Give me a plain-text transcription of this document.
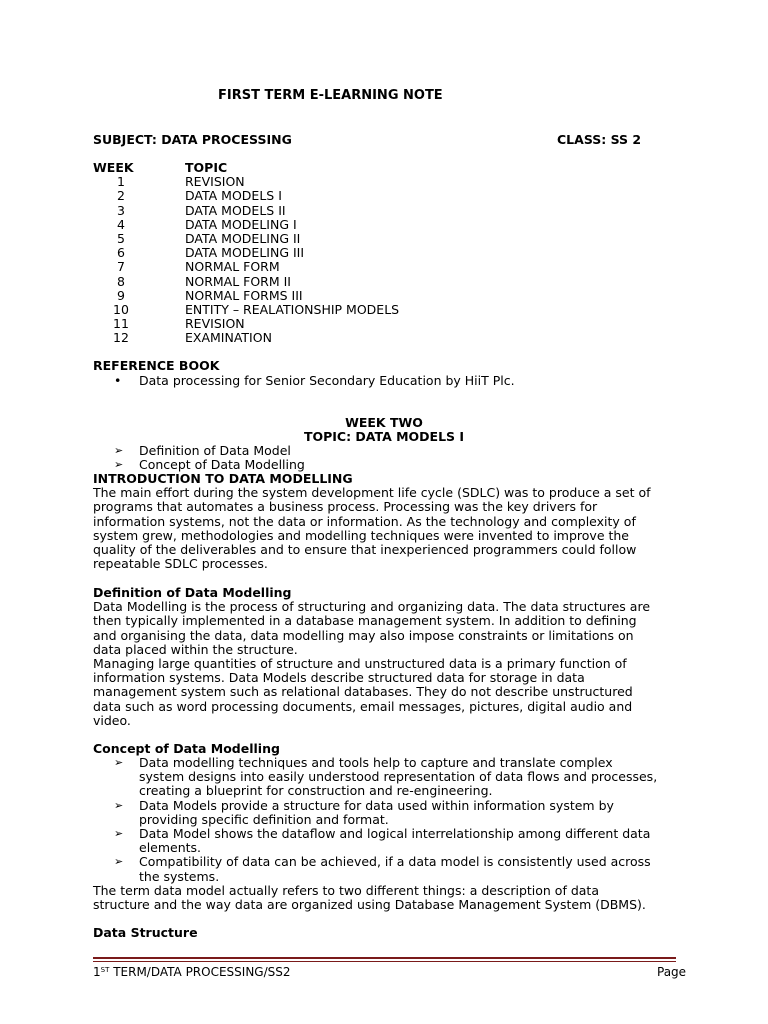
FIRST TERM E-LEARNING NOTE
SUBJECT: DATA PROCESSING	CLASS: SS 2
WEEK	TOPIC
1	REVISION
2	DATA MODELS I
3	DATA MODELS II
4	DATA MODELING I
5	DATA MODELING II
6	DATA MODELING III
7	NORMAL FORM
8	NORMAL FORM II
9	NORMAL FORMS III
10	ENTITY – REALATIONSHIP MODELS
11	REVISION
12	EXAMINATION
REFERENCE BOOK
• Data processing for Senior Secondary Education by HiiT Plc.
WEEK TWO
TOPIC: DATA MODELS I
➢ Definition of Data Model
➢ Concept of Data Modelling
INTRODUCTION TO DATA MODELLING
The main effort during the system development life cycle (SDLC) was to produce a set of
programs that automates a business process. Processing was the key drivers for
information systems, not the data or information. As the technology and complexity of
system grew, methodologies and modelling techniques were invented to improve the
quality of the deliverables and to ensure that inexperienced programmers could follow
repeatable SDLC processes.
Definition of Data Modelling
Data Modelling is the process of structuring and organizing data. The data structures are
then typically implemented in a database management system. In addition to defining
and organising the data, data modelling may also impose constraints or limitations on
data placed within the structure.
Managing large quantities of structure and unstructured data is a primary function of
information systems. Data Models describe structured data for storage in data
management system such as relational databases. They do not describe unstructured
data such as word processing documents, email messages, pictures, digital audio and
video.
Concept of Data Modelling
➢ Data modelling techniques and tools help to capture and translate complex
system designs into easily understood representation of data flows and processes,
creating a blueprint for construction and re-engineering.
➢ Data Models provide a structure for data used within information system by
providing specific definition and format.
➢ Data Model shows the dataflow and logical interrelationship among different data
elements.
➢ Compatibility of data can be achieved, if a data model is consistently used across
the systems.
The term data model actually refers to two different things: a description of data
structure and the way data are organized using Database Management System (DBMS).
Data Structure
1ST TERM/DATA PROCESSING/SS2	Page
